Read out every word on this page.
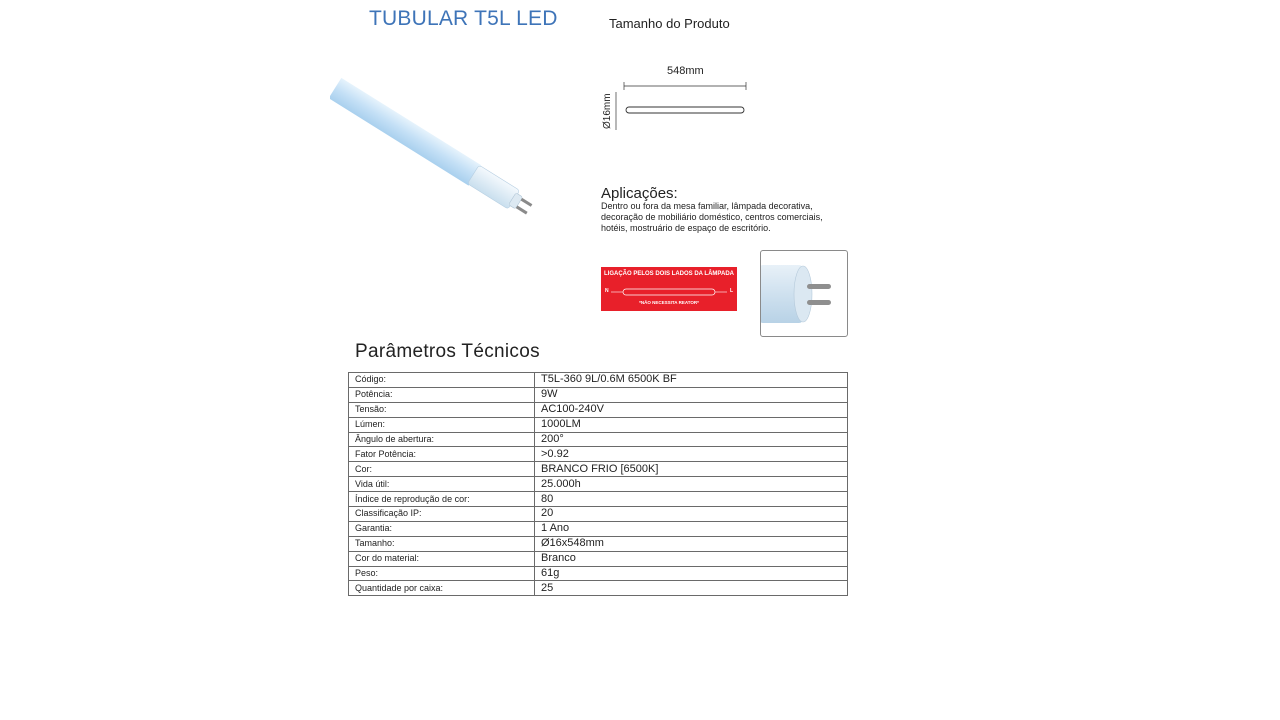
TUBULAR T5L LED	Tamanho do Produto
548mm
Ø16mm
Aplicações:
Dentro ou fora da mesa familiar, lâmpada decorativa, decoração de mobiliário doméstico, centros comerciais, hotéis, mostruário de espaço de escritório.
LIGAÇÃO PELOS DOIS LADOS DA LÂMPADA
N	L
*NÃO NECESSITA REATOR*
Parâmetros Técnicos
Código:	T5L-360 9L/0.6M 6500K BF
Potência:	9W
Tensão:	AC100-240V
Lúmen:	1000LM
Ângulo de abertura:	200°
Fator Potência:	>0.92
Cor:	BRANCO FRIO [6500K]
Vida útil:	25.000h
Índice de reprodução de cor:	80
Classificação IP:	20
Garantia:	1 Ano
Tamanho:	Ø16x548mm
Cor do material:	Branco
Peso:	61g
Quantidade por caixa:	25
